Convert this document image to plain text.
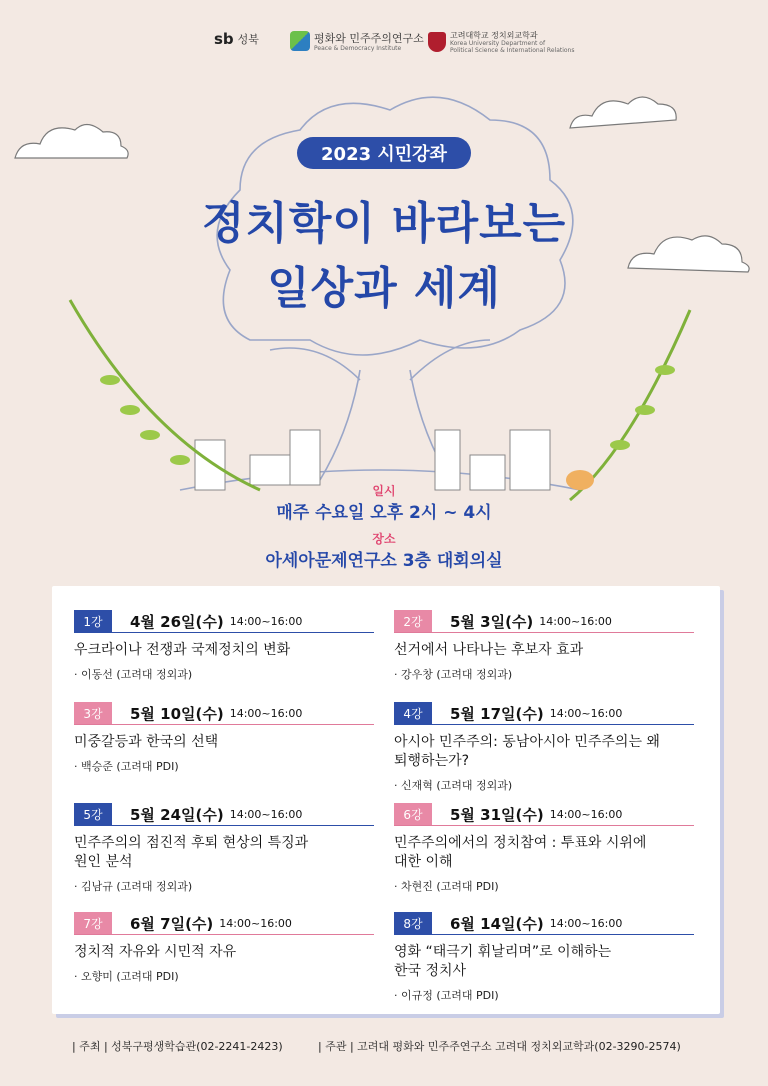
sb 성북	평화와 민주주의연구소
Peace & Democracy Institute
고려대학교 정치외교학과
Korea University Department of
Political Science & International Relations
2023 시민강좌
정치학이 바라보는
일상과 세계
일시
매주 수요일 오후 2시 ~ 4시
장소
아세아문제연구소 3층 대회의실
1강	4월 26일(수) 14:00~16:00
우크라이나 전쟁과 국제정치의 변화
· 이동선 (고려대 정외과)
2강	5월 3일(수) 14:00~16:00
선거에서 나타나는 후보자 효과
· 강우창 (고려대 정외과)
3강	5월 10일(수) 14:00~16:00
미중갈등과 한국의 선택
· 백승준 (고려대 PDI)
4강	5월 17일(수) 14:00~16:00
아시아 민주주의: 동남아시아 민주주의는 왜
퇴행하는가?
· 신재혁 (고려대 정외과)
5강	5월 24일(수) 14:00~16:00
민주주의의 점진적 후퇴 현상의 특징과
원인 분석
· 김남규 (고려대 정외과)
6강	5월 31일(수) 14:00~16:00
민주주의에서의 정치참여 : 투표와 시위에
대한 이해
· 차현진 (고려대 PDI)
7강	6월 7일(수) 14:00~16:00
정치적 자유와 시민적 자유
· 오향미 (고려대 PDI)
8강	6월 14일(수) 14:00~16:00
영화 “태극기 휘날리며”로 이해하는
한국 정치사
· 이규정 (고려대 PDI)
| 주최 | 성북구평생학습관(02-2241-2423)	| 주관 | 고려대 평화와 민주주연구소 고려대 정치외교학과(02-3290-2574)
